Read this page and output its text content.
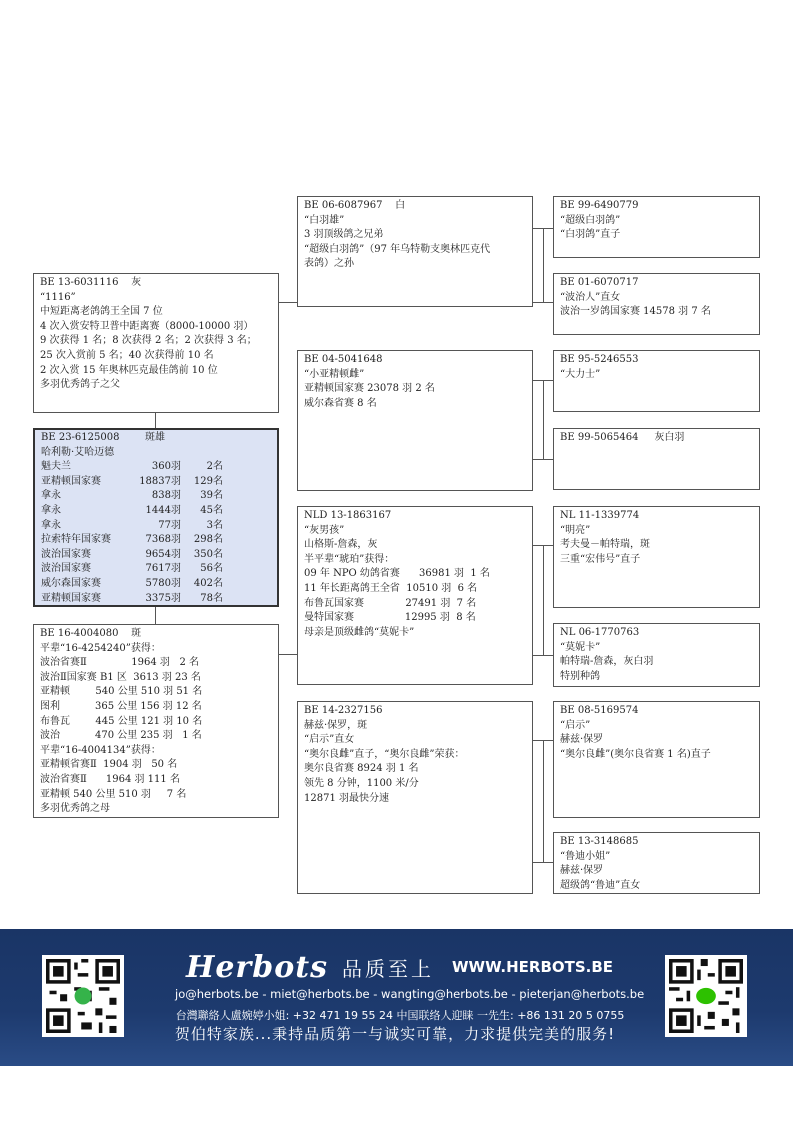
BE 13-6031116    灰
“1116”
中短距离老鸽鸽王全国 7 位
4 次入赏安特卫普中距离赛（8000-10000 羽）
9 次获得 1 名；8 次获得 2 名；2 次获得 3 名；
25 次入赏前 5 名；40 次获得前 10 名
2 次入赏 15 年奥林匹克最佳鸽前 10 位
多羽优秀鸽子之父
BE 23-6125008	斑雄
哈利勒·艾哈迈德
魁夫兰	360羽	2名
亚精顿国家赛	18837羽	129名
拿永	838羽	39名
拿永	1444羽	45名
拿永	77羽	3名
拉索特年国家赛	7368羽	298名
波治国家赛	9654羽	350名
波治国家赛	7617羽	56名
威尔森国家赛	5780羽	402名
亚精顿国家赛	3375羽	78名
BE 16-4004080    斑
平辈“16-4254240”获得：
波治省赛Ⅱ              1964 羽   2 名
波治Ⅱ国家赛 B1 区  3613 羽 23 名
亚精顿        540 公里 510 羽 51 名
图利           365 公里 156 羽 12 名
布鲁瓦        445 公里 121 羽 10 名
波治           470 公里 235 羽   1 名
平辈“16-4004134”获得：
亚精顿省赛Ⅱ  1904 羽   50 名
波治省赛Ⅱ      1964 羽 111 名
亚精顿 540 公里 510 羽     7 名
多羽优秀鸽之母
BE 06-6087967    白
“白羽雄”
3 羽顶级鸽之兄弟
“超级白羽鸽”（97 年乌特勒支奥林匹克代
表鸽）之孙
BE 04-5041648
“小亚精顿雌”
亚精顿国家赛 23078 羽 2 名
威尔森省赛 8 名
NLD 13-1863167
“灰男孩”
山格斯-詹森，灰
半平辈“琥珀”获得：
09 年 NPO 幼鸽省赛      36981 羽  1 名
11 年长距离鸽王全省  10510 羽  6 名
布鲁瓦国家赛             27491 羽  7 名
曼特国家赛                12995 羽  8 名
母亲是顶级雌鸽“莫妮卡”
BE 14-2327156
赫兹·保罗，斑
“启示”直女
“奥尔良雌”直子，“奥尔良雌”荣获：
奥尔良省赛 8924 羽 1 名
领先 8 分钟，1100 米/分
12871 羽最快分速
BE 99-6490779
“超级白羽鸽”
“白羽鸽”直子
BE 01-6070717
“波治人”直女
波治一岁鸽国家赛 14578 羽 7 名
BE 95-5246553
“大力士”
BE 99-5065464     灰白羽
NL 11-1339774
“明亮”
考夫曼－帕特瑞，斑
三重“宏伟号”直子
NL 06-1770763
“莫妮卡”
帕特瑞-詹森，灰白羽
特别种鸽
BE 08-5169574
“启示”
赫兹·保罗
“奥尔良雌”(奥尔良省赛 1 名)直子
BE 13-3148685
“鲁迪小姐”
赫兹·保罗
超级鸽“鲁迪”直女
Herbots 品质至上 WWW.HERBOTS.BE
jo@herbots.be - miet@herbots.be - wangting@herbots.be - pieterjan@herbots.be
台灣聯絡人盧婉婷小姐: +32 471 19 55 24 中国联络人迎睐 一先生: +86 131 20 5 0755
贺伯特家族...秉持品质第一与诚实可靠，力求提供完美的服务!
